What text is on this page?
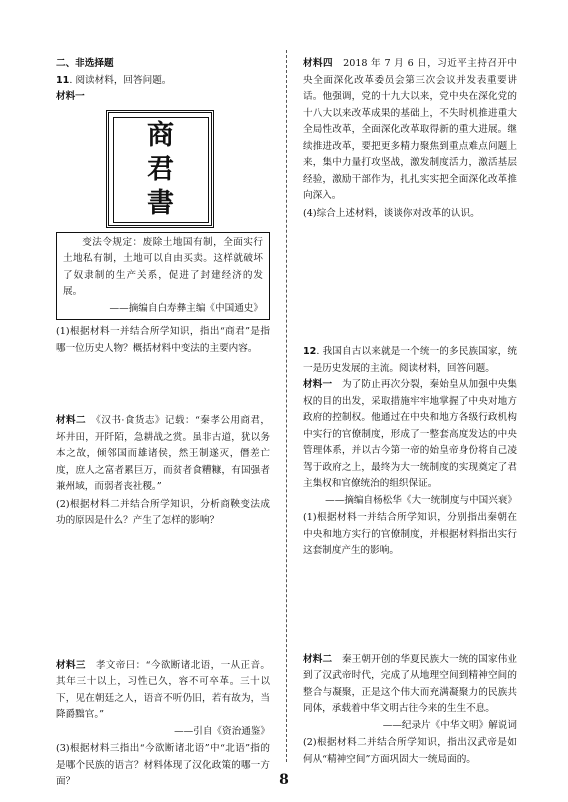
二、非选择题

11. 阅读材料，回答问题。

材料一

商
君
書

变法令规定：废除土地国有制，全面实行土地私有制，土地可以自由买卖。这样就破坏了奴隶制的生产关系，促进了封建经济的发展。

——摘编自白寿彝主编《中国通史》

(1)根据材料一并结合所学知识，指出“商君”是指哪一位历史人物？概括材料中变法的主要内容。

材料二　 《汉书·食货志》记载：“秦孝公用商君，坏井田，开阡陌，急耕战之赏。虽非古道，犹以务本之故，倾邻国而雄诸侯，然王制遂灭，僭差亡度，庶人之富者累巨万，而贫者食糟糠，有国强者兼州域，而弱者丧社稷。”

(2)根据材料二并结合所学知识，分析商鞅变法成功的原因是什么？产生了怎样的影响？

材料三　 孝文帝曰：“今欲断诸北语，一从正音。其年三十以上，习性已久，容不可卒革。三十以下，见在朝廷之人，语音不听仍旧，若有故为，当降爵黜官。”

——引自《资治通鉴》

(3)根据材料三指出“今欲断诸北语”中“北语”指的是哪个民族的语言？材料体现了汉化政策的哪一方面？

材料四　 2018 年 7 月 6 日，习近平主持召开中央全面深化改革委员会第三次会议并发表重要讲话。他强调，党的十九大以来，党中央在深化党的十八大以来改革成果的基础上，不失时机推进重大全局性改革，全面深化改革取得新的重大进展。继续推进改革，要把更多精力聚焦到重点难点问题上来，集中力量打攻坚战，激发制度活力，激活基层经验，激励干部作为，扎扎实实把全面深化改革推向深入。

(4)综合上述材料，谈谈你对改革的认识。

12. 我国自古以来就是一个统一的多民族国家，统一是历史发展的主流。阅读材料，回答问题。

材料一　 为了防止再次分裂，秦始皇从加强中央集权的目的出发，采取措施牢牢地掌握了中央对地方政府的控制权。他通过在中央和地方各级行政机构中实行的官僚制度，形成了一整套高度发达的中央管理体系，并以古今第一帝的始皇帝身份将自己凌驾于政府之上，最终为大一统制度的实现奠定了君主集权和官僚统治的组织保证。

——摘编自杨松华《大一统制度与中国兴衰》

(1)根据材料一并结合所学知识，分别指出秦朝在中央和地方实行的官僚制度，并根据材料指出实行这套制度产生的影响。

材料二　 秦王朝开创的华夏民族大一统的国家伟业到了汉武帝时代，完成了从地理空间到精神空间的整合与凝聚，正是这个伟大而充满凝聚力的民族共同体，承载着中华文明古往今来的生生不息。

——纪录片《中华文明》解说词

(2)根据材料二并结合所学知识，指出汉武帝是如何从“精神空间”方面巩固大一统局面的。

8
